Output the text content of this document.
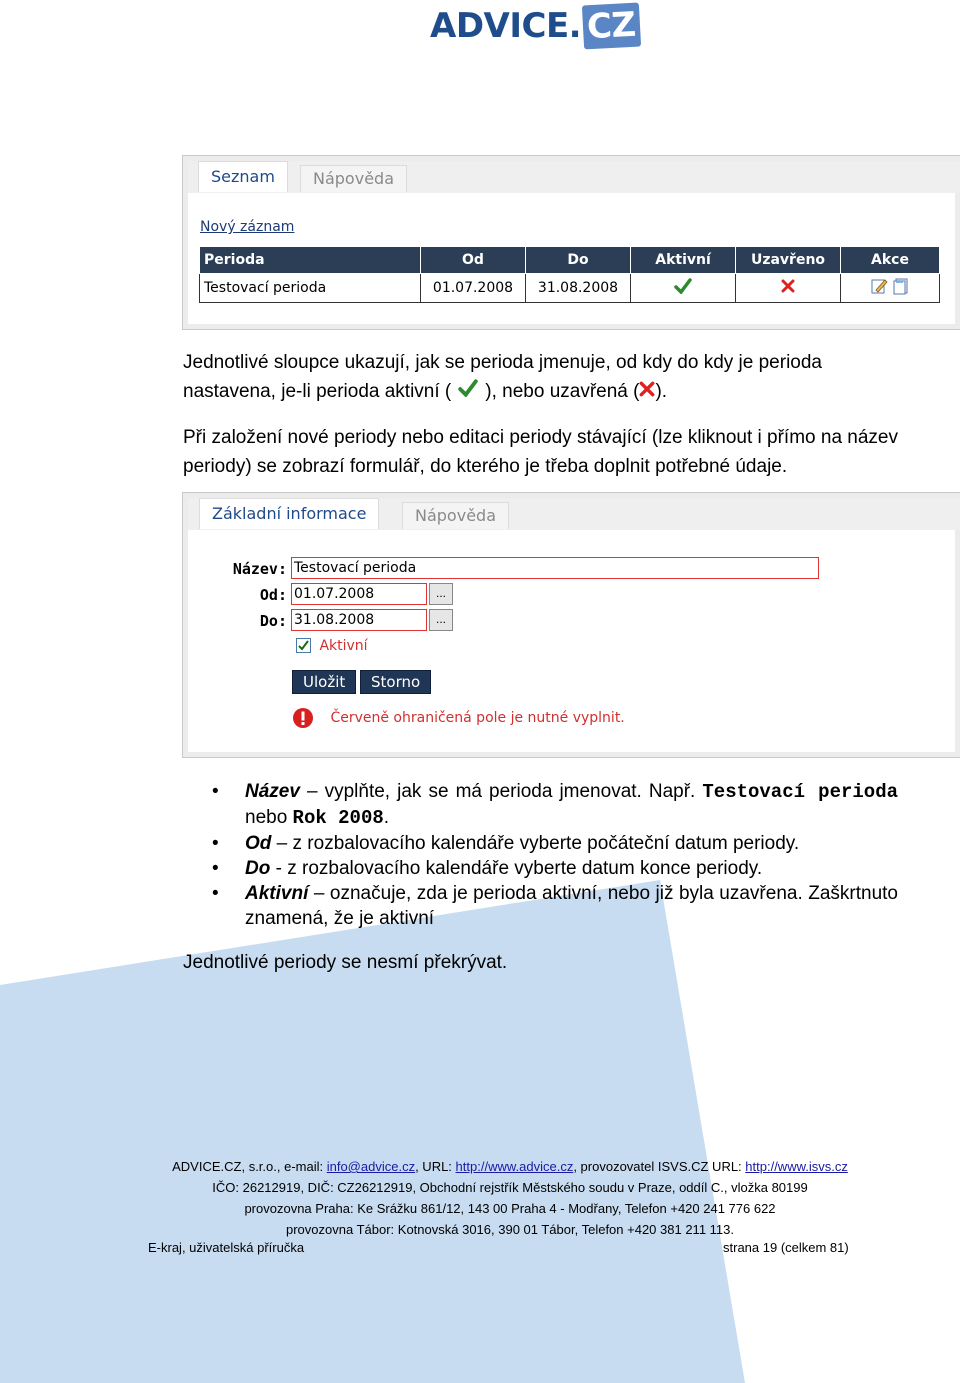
ADVICE. CZ
Seznam	Nápověda
Nový záznam
Perioda	Od	Do	Aktivní	Uzavřeno	Akce
Testovací perioda	01.07.2008	31.08.2008			
Jednotlivé sloupce ukazují, jak se perioda jmenuje, od kdy do kdy je perioda nastavena, je-li perioda aktivní ( ), nebo uzavřená ( ).
Při založení nové periody nebo editaci periody stávající (lze kliknout i přímo na název periody) se zobrazí formulář, do kterého je třeba doplnit potřebné údaje.
Základní informace	Nápověda
Název: Testovací perioda
Od: 01.07.2008	...
Do: 31.08.2008	...
Aktivní
Uložit	Storno
Červeně ohraničená pole je nutné vyplnit.
• Název – vyplňte, jak se má perioda jmenovat. Např. Testovací perioda nebo Rok 2008.
• Od – z rozbalovacího kalendáře vyberte počáteční datum periody.
• Do - z rozbalovacího kalendáře vyberte datum konce periody.
• Aktivní – označuje, zda je perioda aktivní, nebo již byla uzavřena. Zaškrtnuto znamená, že je aktivní
Jednotlivé periody se nesmí překrývat.
ADVICE.CZ, s.r.o., e-mail: info@advice.cz, URL: http://www.advice.cz, provozovatel ISVS.CZ URL: http://www.isvs.cz
IČO: 26212919, DIČ: CZ26212919, Obchodní rejstřík Městského soudu v Praze, oddíl C., vložka 80199
provozovna Praha: Ke Srážku 861/12, 143 00 Praha 4 - Modřany, Telefon +420 241 776 622
provozovna Tábor: Kotnovská 3016, 390 01 Tábor, Telefon +420 381 211 113.
E-kraj, uživatelská příručka	strana 19 (celkem 81)
